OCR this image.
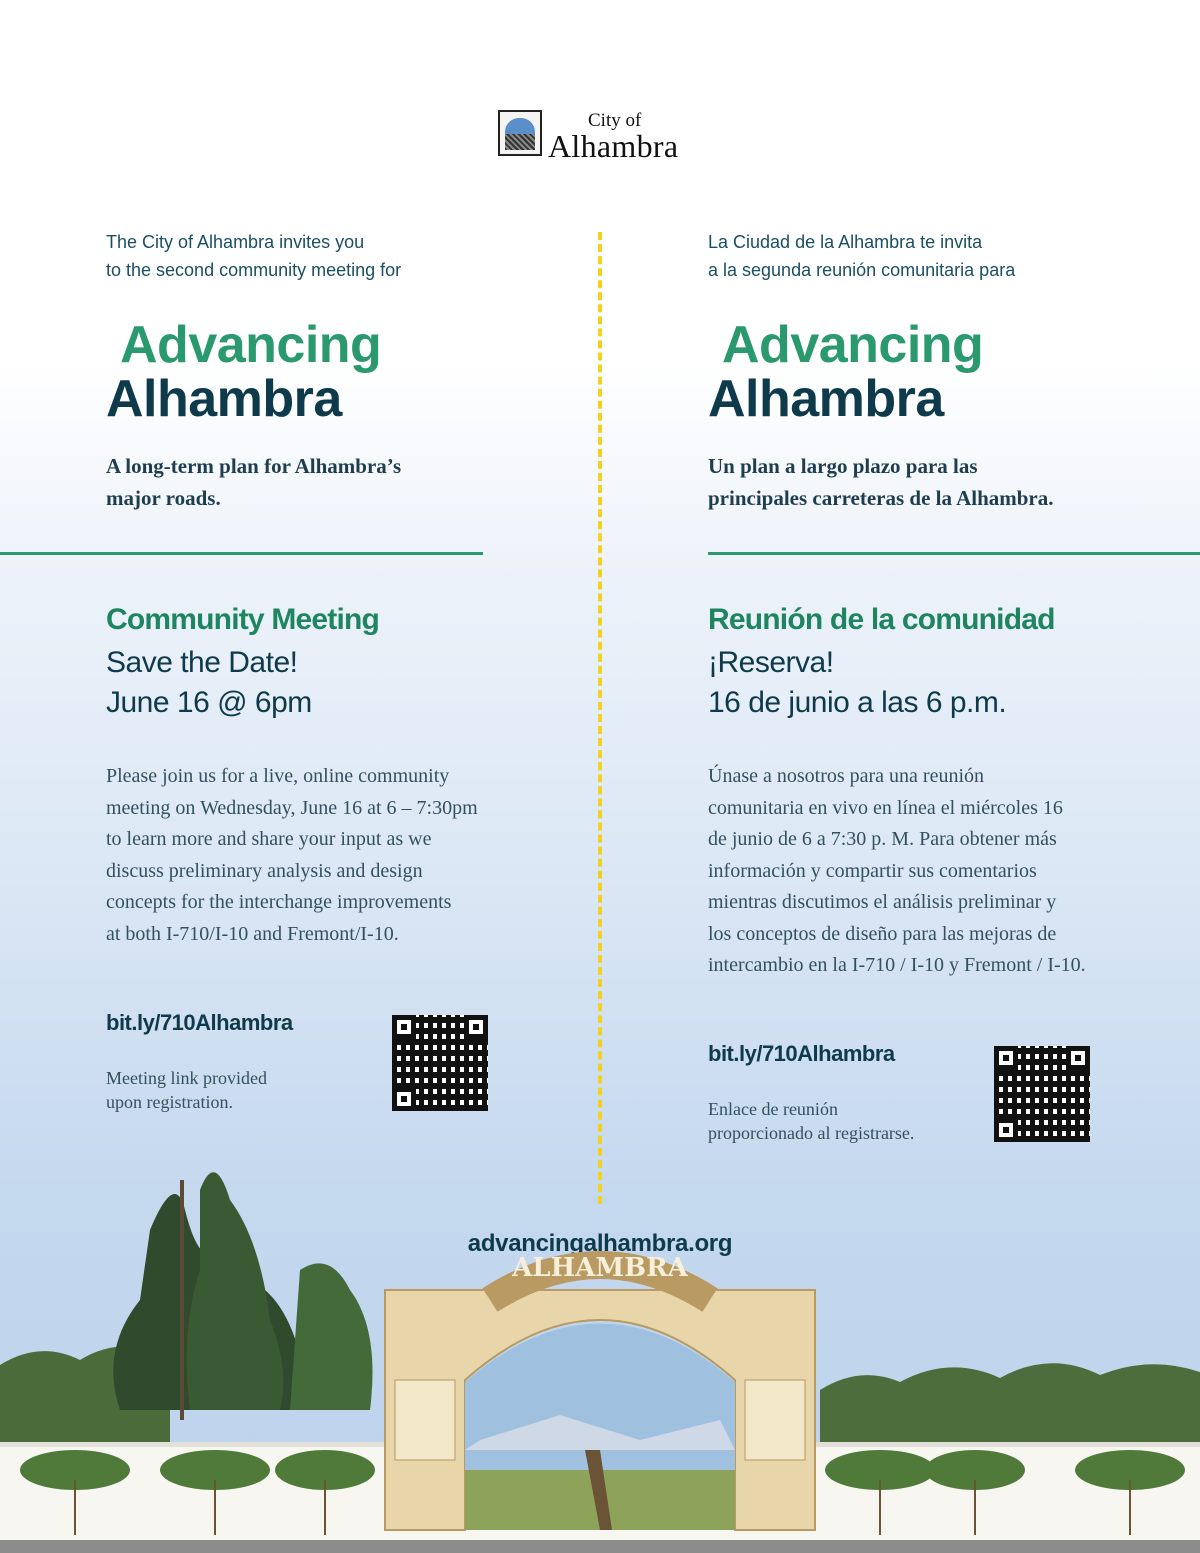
City of
Alhambra
The City of Alhambra invites you
to the second community meeting for
Advancing
Alhambra
A long-term plan for Alhambra’s
major roads.
Community Meeting
Save the Date!
June 16 @ 6pm
Please join us for a live, online community
meeting on Wednesday, June 16 at 6 – 7:30pm
to learn more and share your input as we
discuss preliminary analysis and design
concepts for the interchange improvements
at both I-710/I-10 and Fremont/I-10.
bit.ly/710Alhambra
Meeting link provided
upon registration.
La Ciudad de la Alhambra te invita
a la segunda reunión comunitaria para
Advancing
Alhambra
Un plan a largo plazo para las
principales carreteras de la Alhambra.
Reunión de la comunidad
¡Reserva!
16 de junio a las 6 p.m.
Únase a nosotros para una reunión
comunitaria en vivo en línea el miércoles 16
de junio de 6 a 7:30 p. M. Para obtener más
información y compartir sus comentarios
mientras discutimos el análisis preliminar y
los conceptos de diseño para las mejoras de
intercambio en la I-710 / I-10 y Fremont / I-10.
bit.ly/710Alhambra
Enlace de reunión
proporcionado al registrarse.
advancingalhambra.org
ALHAMBRA
